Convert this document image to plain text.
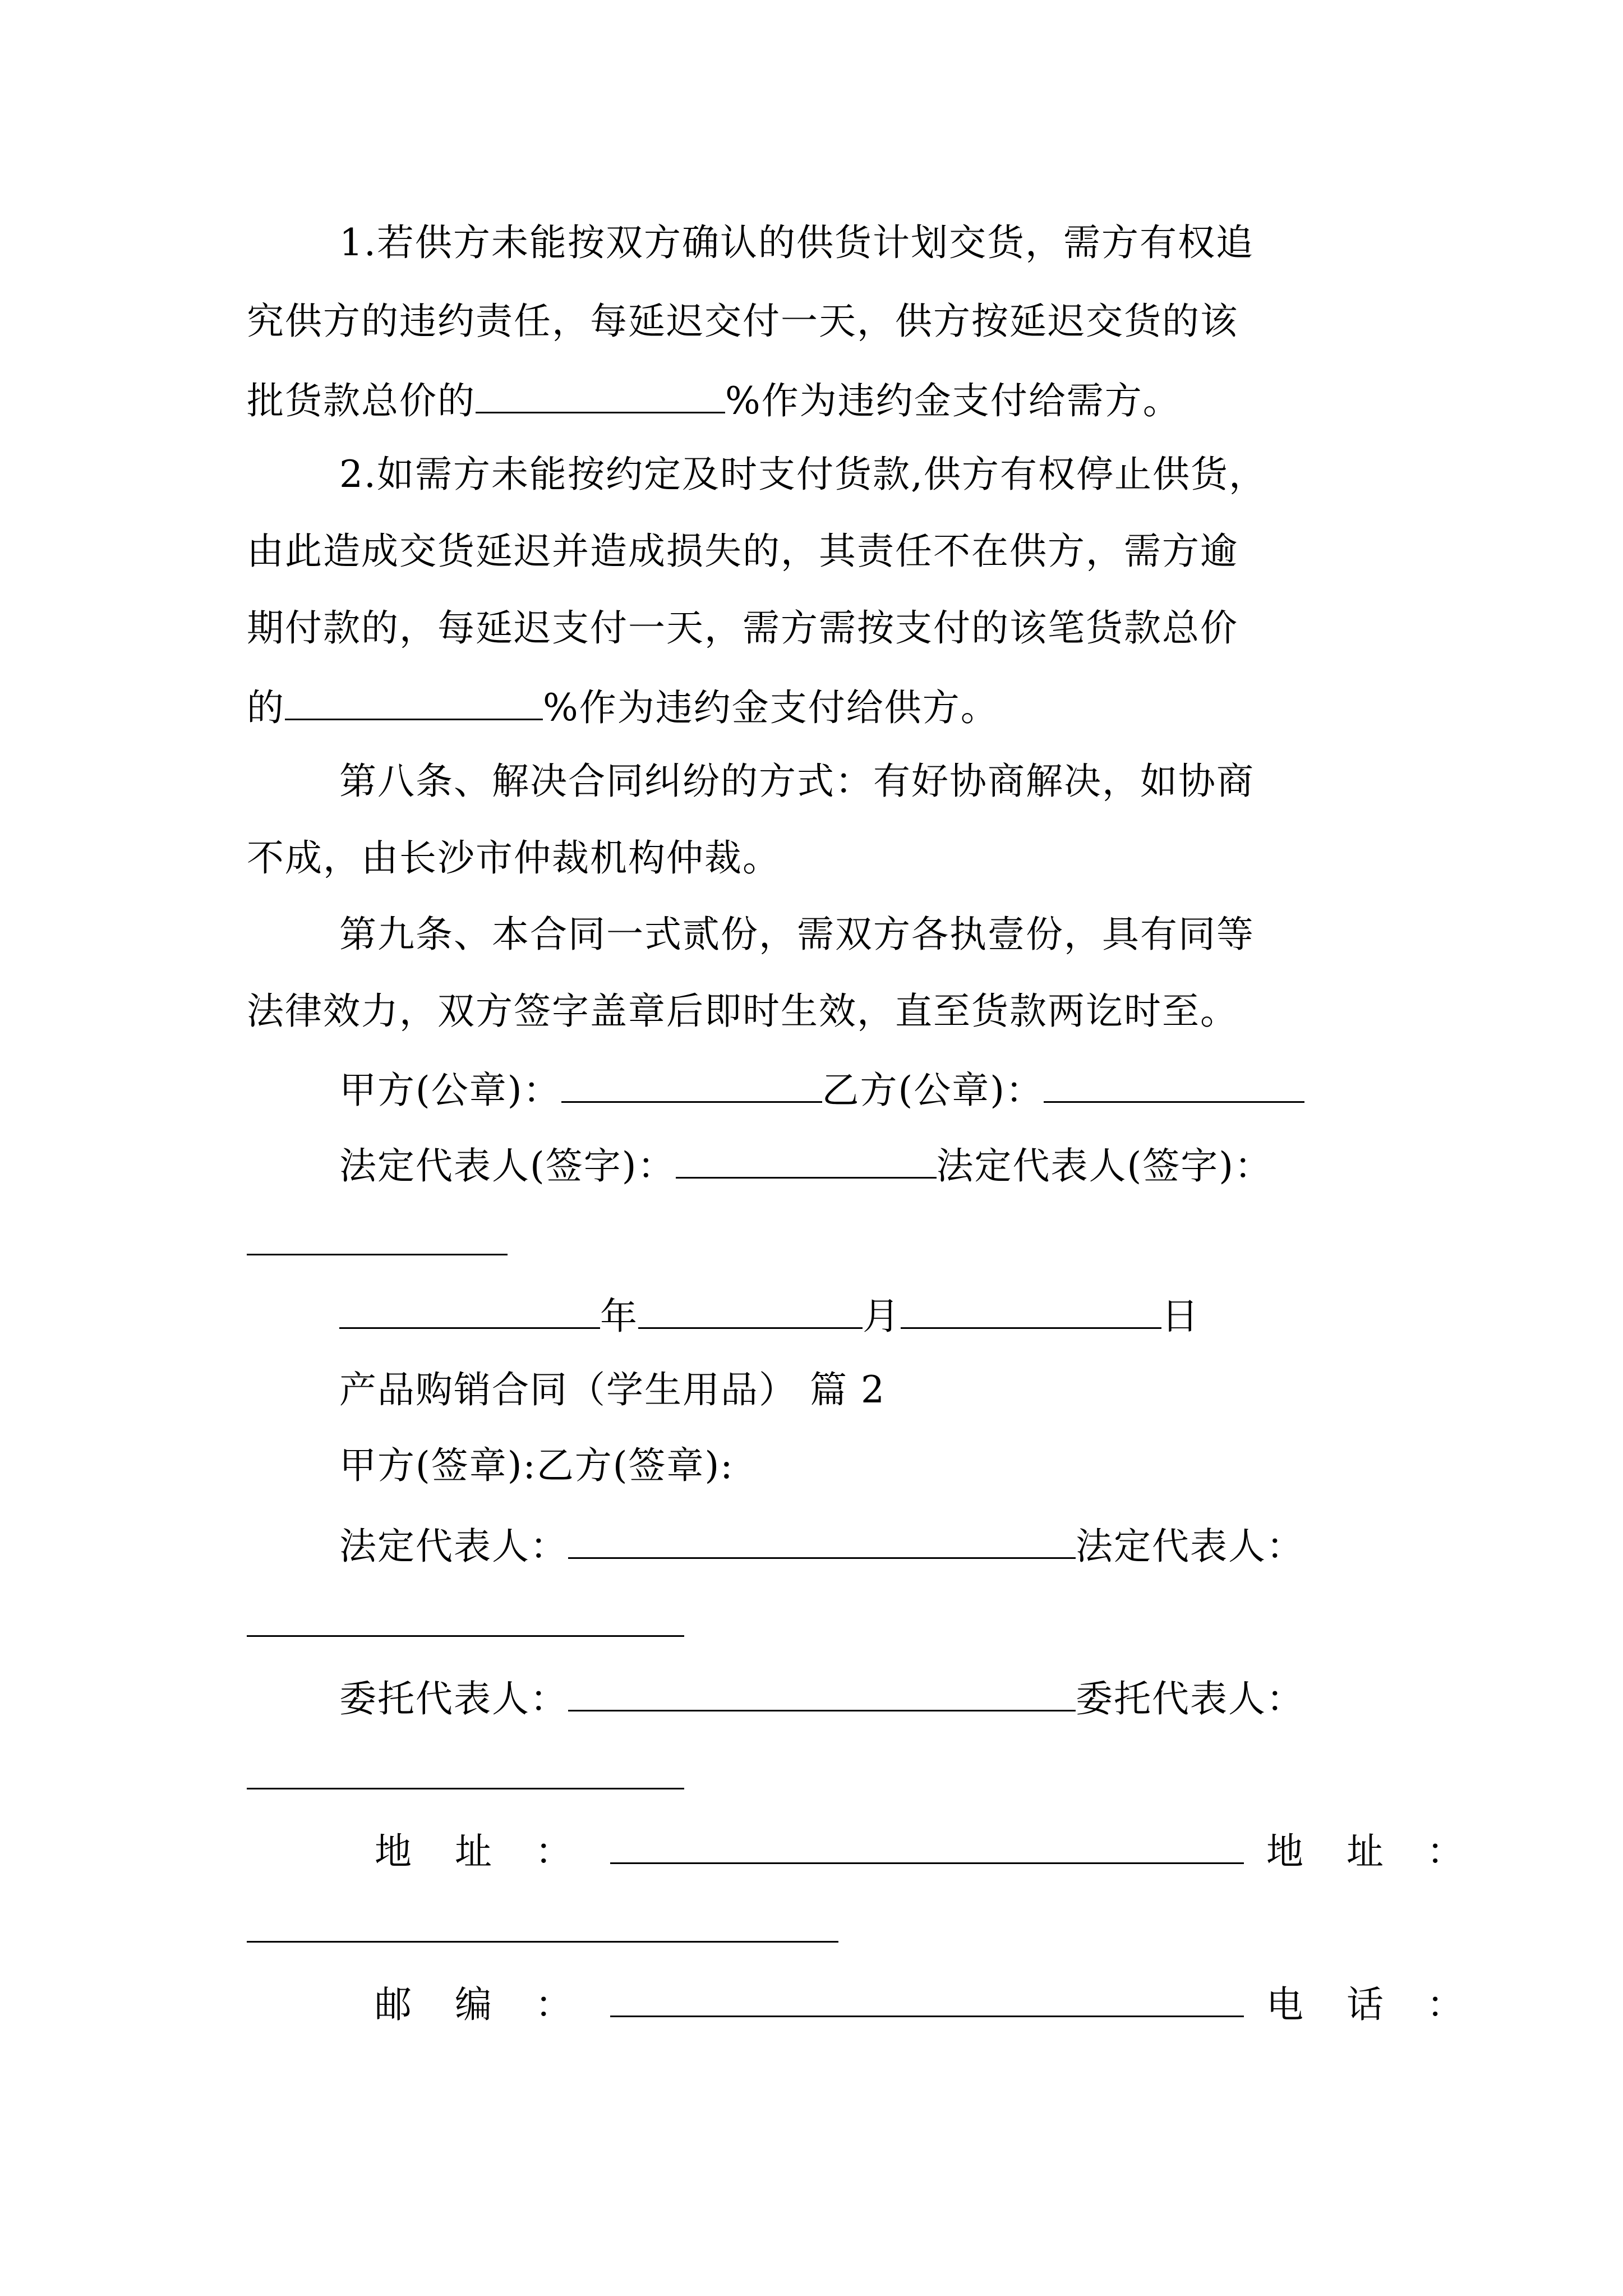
1.若供方未能按双方确认的供货计划交货，需方有权追
究供方的违约责任，每延迟交付一天，供方按延迟交货的该
批货款总价的	%作为违约金支付给需方。
2.如需方未能按约定及时支付货款,供方有权停止供货，
由此造成交货延迟并造成损失的，其责任不在供方，需方逾
期付款的，每延迟支付一天，需方需按支付的该笔货款总价
的	%作为违约金支付给供方。
第八条、解决合同纠纷的方式：有好协商解决，如协商
不成，由长沙市仲裁机构仲裁。
第九条、本合同一式贰份，需双方各执壹份，具有同等
法律效力，双方签字盖章后即时生效，直至货款两讫时至。
甲方(公章)：	乙方(公章)：
法定代表人(签字)：	法定代表人(签字)：
年	月	日
产品购销合同（学生用品） 篇 2
甲方(签章):乙方(签章):
法定代表人：	法定代表人：
委托代表人：	委托代表人：
地 址 ：	地 址 ：
邮 编 ：	电 话 ：
